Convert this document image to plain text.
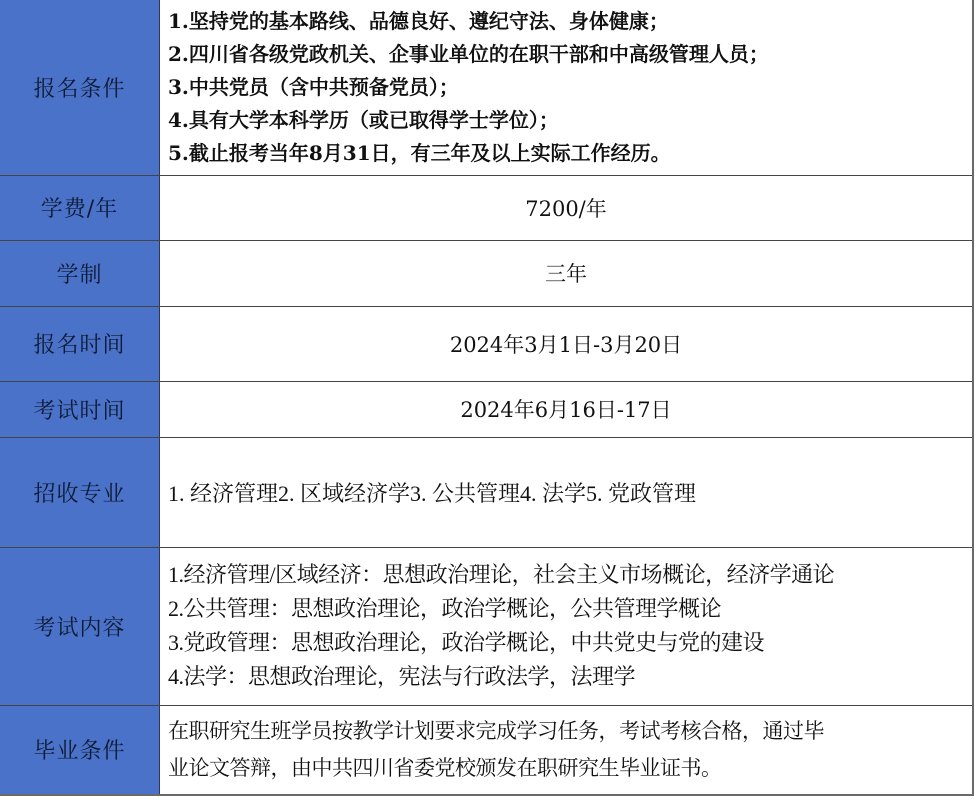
报名条件	1.坚持党的基本路线、品德良好、遵纪守法、身体健康；
2.四川省各级党政机关、企事业单位的在职干部和中高级管理人员；
3.中共党员（含中共预备党员）；
4.具有大学本科学历（或已取得学士学位）；
5.截止报考当年8月31日，有三年及以上实际工作经历。

学费/年	7200/年
学制	三年
报名时间	2024年3月1日-3月20日
考试时间	2024年6月16日-17日
招收专业	1. 经济管理2. 区域经济学3. 公共管理4. 法学5. 党政管理
考试内容	1.经济管理/区域经济：思想政治理论，社会主义市场概论，经济学通论
2.公共管理：思想政治理论，政治学概论，公共管理学概论
3.党政管理：思想政治理论，政治学概论，中共党史与党的建设
4.法学：思想政治理论，宪法与行政法学，法理学

毕业条件	在职研究生班学员按教学计划要求完成学习任务，考试考核合格，通过毕
业论文答辩，由中共四川省委党校颁发在职研究生毕业证书。
